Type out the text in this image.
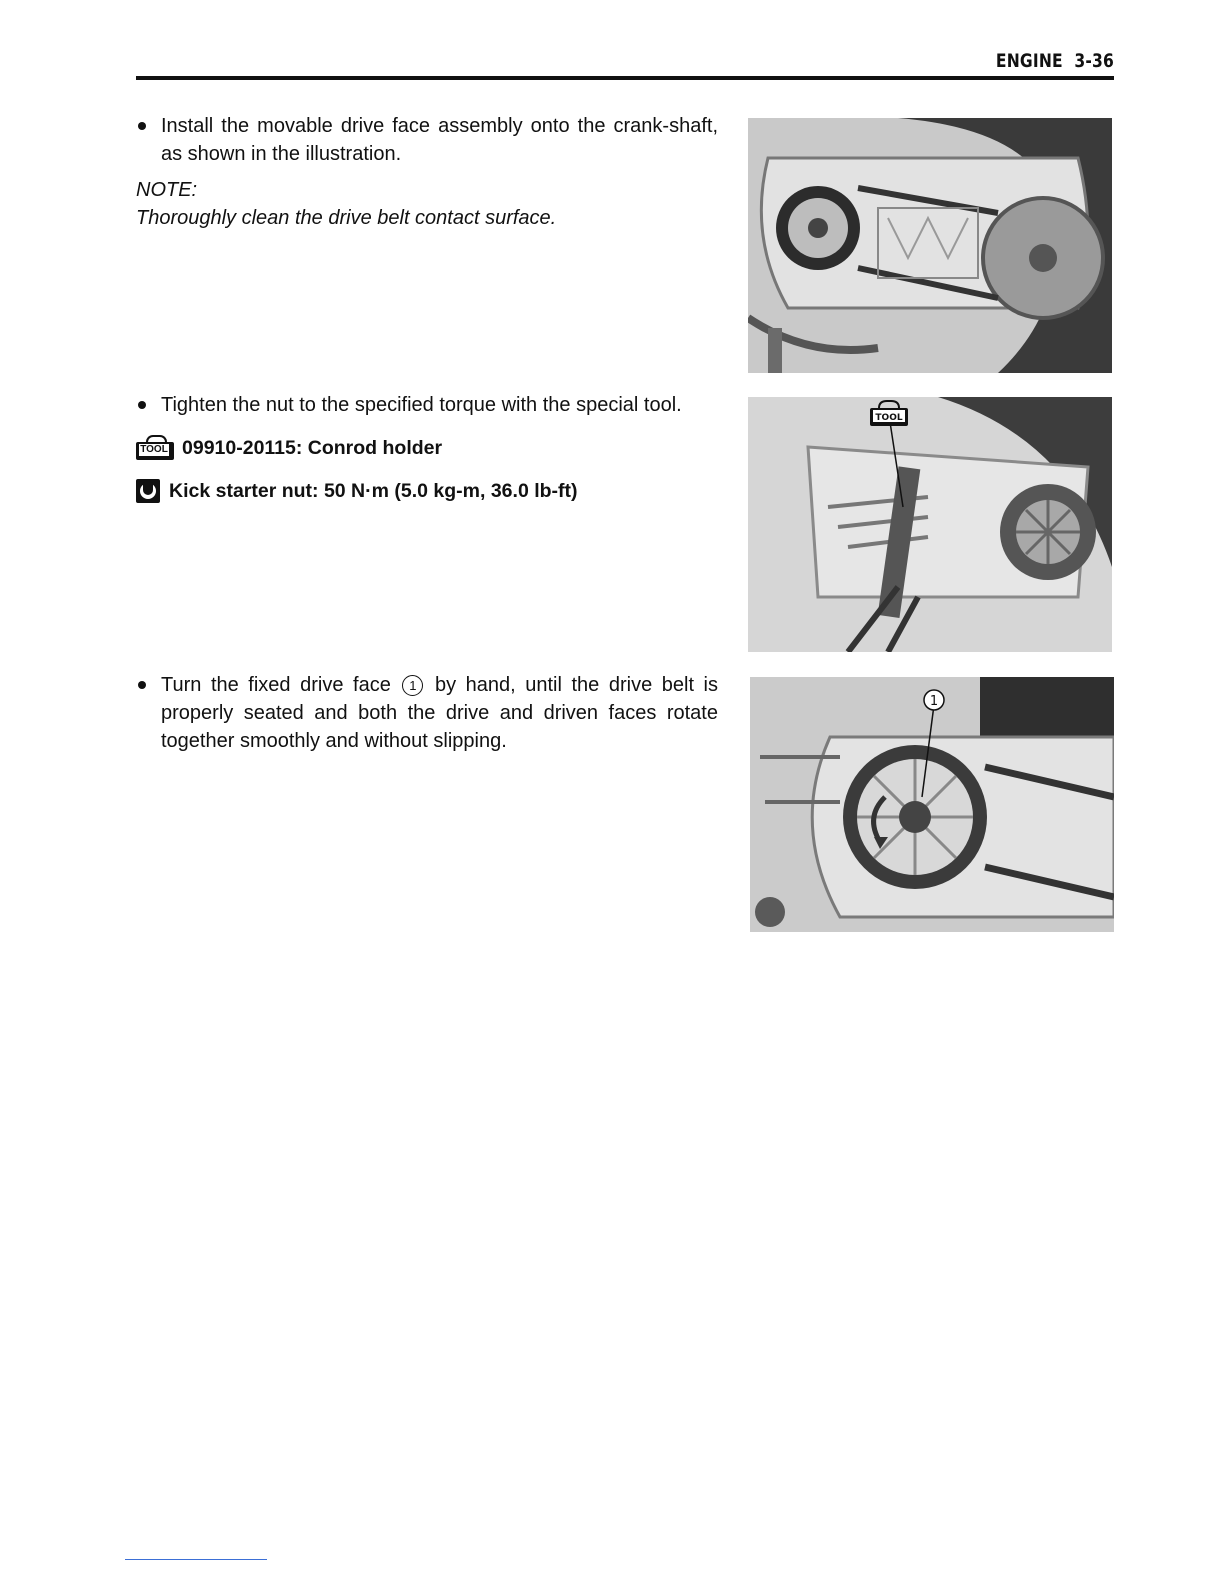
ENGINE 3-36
Install the movable drive face assembly onto the crank-shaft, as shown in the illustration.
NOTE:
Thoroughly clean the drive belt contact surface.
Tighten the nut to the specified torque with the special tool.
TOOL 09910-20115: Conrod holder
Kick starter nut: 50 N·m (5.0 kg-m, 36.0 lb-ft)
Turn the fixed drive face 1 by hand, until the drive belt is properly seated and both the drive and driven faces rotate together smoothly and without slipping.
TOOL
1
